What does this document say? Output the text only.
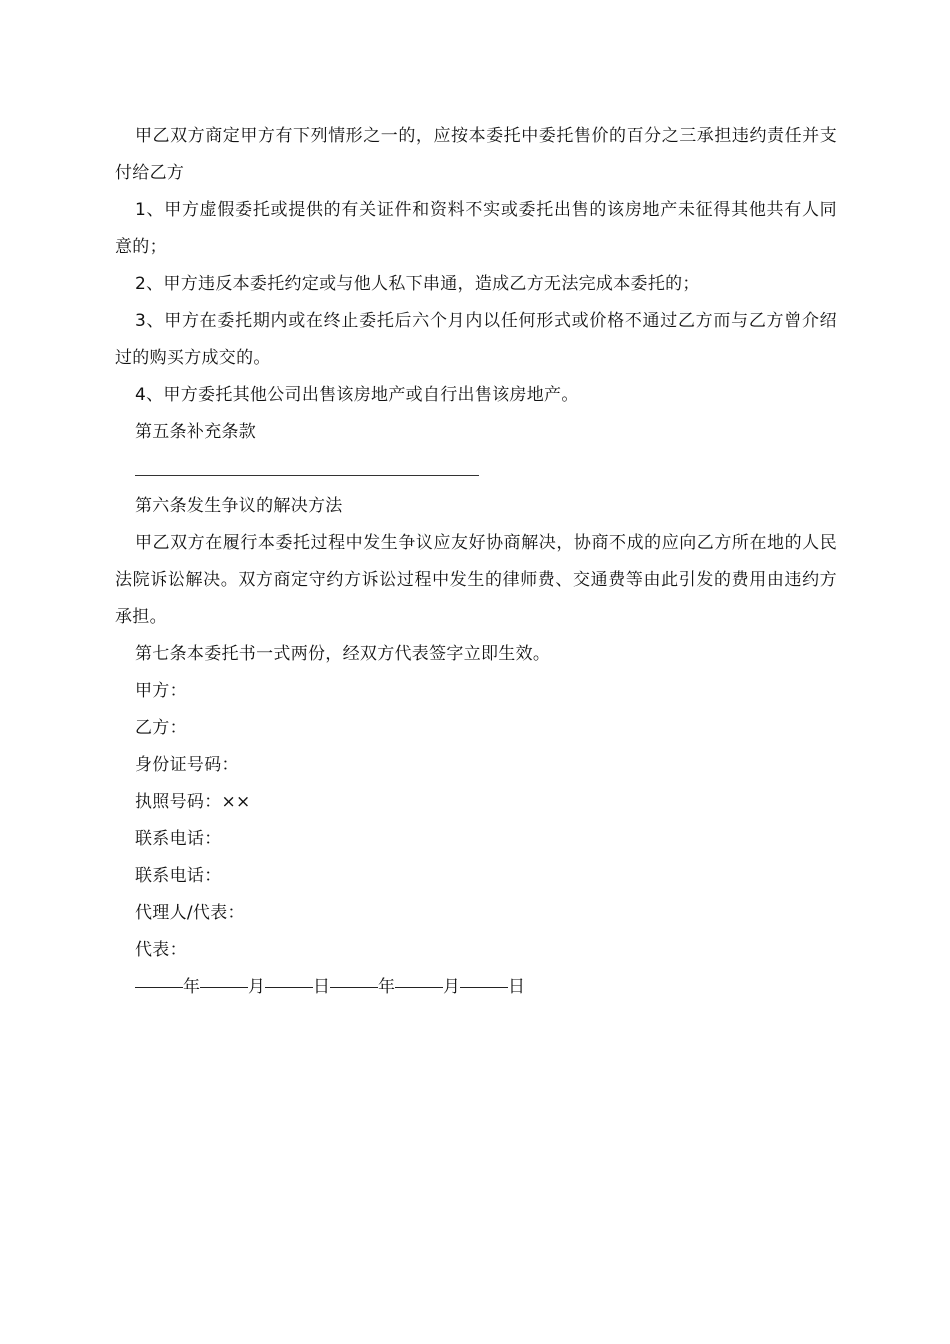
甲乙双方商定甲方有下列情形之一的，应按本委托中委托售价的百分之三承担违约责任并支付给乙方

1、甲方虚假委托或提供的有关证件和资料不实或委托出售的该房地产未征得其他共有人同意的；

2、甲方违反本委托约定或与他人私下串通，造成乙方无法完成本委托的；

3、甲方在委托期内或在终止委托后六个月内以任何形式或价格不通过乙方而与乙方曾介绍过的购买方成交的。

4、甲方委托其他公司出售该房地产或自行出售该房地产。

第五条补充条款

第六条发生争议的解决方法

甲乙双方在履行本委托过程中发生争议应友好协商解决，协商不成的应向乙方所在地的人民法院诉讼解决。双方商定守约方诉讼过程中发生的律师费、交通费等由此引发的费用由违约方承担。

第七条本委托书一式两份，经双方代表签字立即生效。

甲方：

乙方：

身份证号码：

执照号码：××

联系电话：

联系电话：

代理人/代表：

代表：

年	月	日	年	月	日
